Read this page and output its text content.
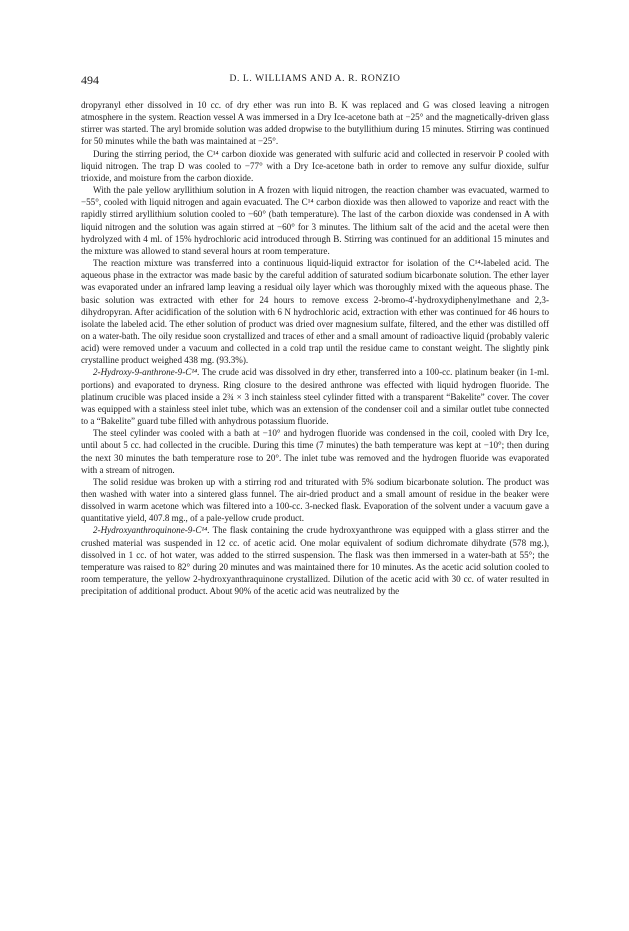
494	D. L. WILLIAMS AND A. R. RONZIO

dropyranyl ether dissolved in 10 cc. of dry ether was run into B. K was replaced and G was closed leaving a nitrogen atmosphere in the system. Reaction vessel A was immersed in a Dry Ice-acetone bath at −25° and the magnetically-driven glass stirrer was started. The aryl bromide solution was added dropwise to the butyllithium during 15 minutes. Stirring was continued for 50 minutes while the bath was maintained at −25°.

During the stirring period, the C¹⁴ carbon dioxide was generated with sulfuric acid and collected in reservoir P cooled with liquid nitrogen. The trap D was cooled to −77° with a Dry Ice-acetone bath in order to remove any sulfur dioxide, sulfur trioxide, and moisture from the carbon dioxide.

With the pale yellow aryllithium solution in A frozen with liquid nitrogen, the reaction chamber was evacuated, warmed to −55°, cooled with liquid nitrogen and again evacuated. The C¹⁴ carbon dioxide was then allowed to vaporize and react with the rapidly stirred aryllithium solution cooled to −60° (bath temperature). The last of the carbon dioxide was condensed in A with liquid nitrogen and the solution was again stirred at −60° for 3 minutes. The lithium salt of the acid and the acetal were then hydrolyzed with 4 ml. of 15% hydrochloric acid introduced through B. Stirring was continued for an additional 15 minutes and the mixture was allowed to stand several hours at room temperature.

The reaction mixture was transferred into a continuous liquid-liquid extractor for isolation of the C¹⁴-labeled acid. The aqueous phase in the extractor was made basic by the careful addition of saturated sodium bicarbonate solution. The ether layer was evaporated under an infrared lamp leaving a residual oily layer which was thoroughly mixed with the aqueous phase. The basic solution was extracted with ether for 24 hours to remove excess 2-bromo-4′-hydroxydiphenylmethane and 2,3-dihydropyran. After acidification of the solution with 6 N hydrochloric acid, extraction with ether was continued for 46 hours to isolate the labeled acid. The ether solution of product was dried over magnesium sulfate, filtered, and the ether was distilled off on a water-bath. The oily residue soon crystallized and traces of ether and a small amount of radioactive liquid (probably valeric acid) were removed under a vacuum and collected in a cold trap until the residue came to constant weight. The slightly pink crystalline product weighed 438 mg. (93.3%).

2-Hydroxy-9-anthrone-9-C¹⁴. The crude acid was dissolved in dry ether, transferred into a 100-cc. platinum beaker (in 1-ml. portions) and evaporated to dryness. Ring closure to the desired anthrone was effected with liquid hydrogen fluoride. The platinum crucible was placed inside a 2¾ × 3 inch stainless steel cylinder fitted with a transparent “Bakelite” cover. The cover was equipped with a stainless steel inlet tube, which was an extension of the condenser coil and a similar outlet tube connected to a “Bakelite” guard tube filled with anhydrous potassium fluoride.

The steel cylinder was cooled with a bath at −10° and hydrogen fluoride was condensed in the coil, cooled with Dry Ice, until about 5 cc. had collected in the crucible. During this time (7 minutes) the bath temperature was kept at −10°; then during the next 30 minutes the bath temperature rose to 20°. The inlet tube was removed and the hydrogen fluoride was evaporated with a stream of nitrogen.

The solid residue was broken up with a stirring rod and triturated with 5% sodium bicarbonate solution. The product was then washed with water into a sintered glass funnel. The air-dried product and a small amount of residue in the beaker were dissolved in warm acetone which was filtered into a 100-cc. 3-necked flask. Evaporation of the solvent under a vacuum gave a quantitative yield, 407.8 mg., of a pale-yellow crude product.

2-Hydroxyanthroquinone-9-C¹⁴. The flask containing the crude hydroxyanthrone was equipped with a glass stirrer and the crushed material was suspended in 12 cc. of acetic acid. One molar equivalent of sodium dichromate dihydrate (578 mg.), dissolved in 1 cc. of hot water, was added to the stirred suspension. The flask was then immersed in a water-bath at 55°; the temperature was raised to 82° during 20 minutes and was maintained there for 10 minutes. As the acetic acid solution cooled to room temperature, the yellow 2-hydroxyanthraquinone crystallized. Dilution of the acetic acid with 30 cc. of water resulted in precipitation of additional product. About 90% of the acetic acid was neutralized by the
